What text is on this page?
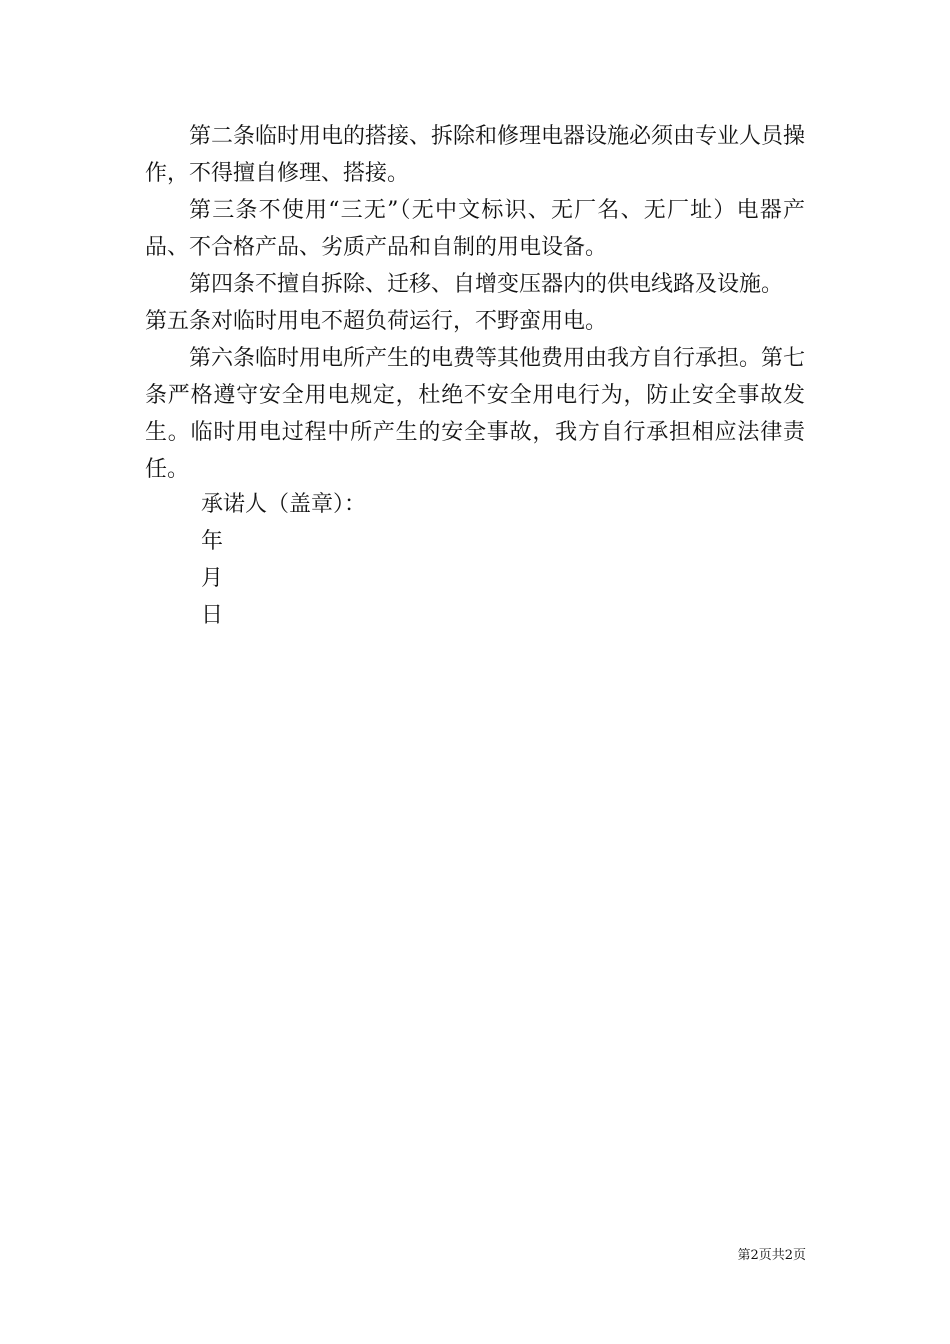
第二条临时用电的搭接、拆除和修理电器设施必须由专业人员操作，不得擅自修理、搭接。

第三条不使用“三无”（无中文标识、无厂名、无厂址）电器产品、不合格产品、劣质产品和自制的用电设备。

第四条不擅自拆除、迁移、自增变压器内的供电线路及设施。

第五条对临时用电不超负荷运行，不野蛮用电。

第六条临时用电所产生的电费等其他费用由我方自行承担。第七条严格遵守安全用电规定，杜绝不安全用电行为，防止安全事故发生。临时用电过程中所产生的安全事故，我方自行承担相应法律责任。

承诺人（盖章）：
年
月
日
第2页共2页
